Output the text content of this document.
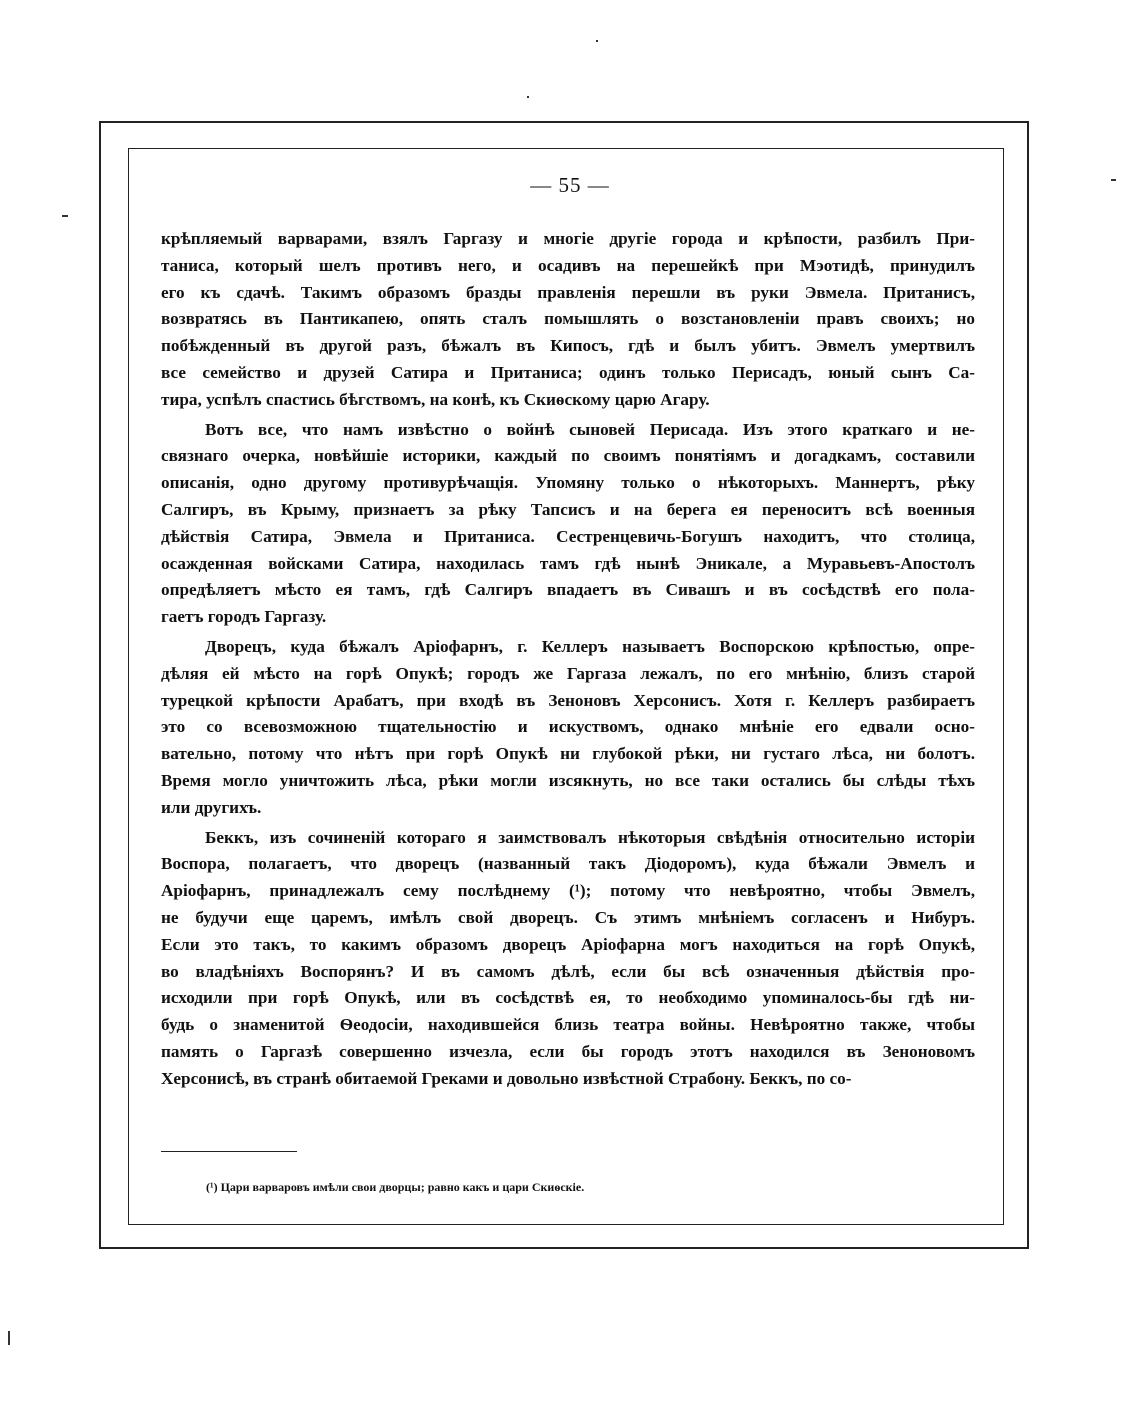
— 55 —
крѣпляемый варварами, взялъ Гаргазу и многіе другіе города и крѣпости, разбилъ При-
таниса, который шелъ противъ него, и осадивъ на перешейкѣ при Мэотидѣ, принудилъ
его къ сдачѣ. Такимъ образомъ бразды правленія перешли въ руки Эвмела. Пританисъ,
возвратясь въ Пантикапею, опять сталъ помышлять о возстановленіи правъ своихъ; но
побѣжденный въ другой разъ, бѣжалъ въ Кипосъ, гдѣ и былъ убитъ. Эвмелъ умертвилъ
все семейство и друзей Сатира и Пританиса; одинъ только Перисадъ, юный сынъ Са-
тира, успѣлъ спастись бѣгствомъ, на конѣ, къ Скиѳскому царю Агару.
Вотъ все, что намъ извѣстно о войнѣ сыновей Перисада. Изъ этого краткаго и не-
связнаго очерка, новѣйшіе историки, каждый по своимъ понятіямъ и догадкамъ, составили
описанія, одно другому противурѣчащія. Упомяну только о нѣкоторыхъ. Маннертъ, рѣку
Салгиръ, въ Крыму, признаетъ за рѣку Тапсисъ и на берега ея переноситъ всѣ военныя
дѣйствія Сатира, Эвмела и Пританиса. Сестренцевичь-Богушъ находитъ, что столица,
осажденная войсками Сатира, находилась тамъ гдѣ нынѣ Эникале, а Муравьевъ-Апостолъ
опредѣляетъ мѣсто ея тамъ, гдѣ Салгиръ впадаетъ въ Сивашъ и въ сосѣдствѣ его пола-
гаетъ городъ Гаргазу.
Дворецъ, куда бѣжалъ Аріофарнъ, г. Келлеръ называетъ Воспорскою крѣпостью, опре-
дѣляя ей мѣсто на горѣ Опукѣ; городъ же Гаргаза лежалъ, по его мнѣнію, близъ старой
турецкой крѣпости Арабатъ, при входѣ въ Зеноновъ Херсонисъ. Хотя г. Келлеръ разбираетъ
это со всевозможною тщательностію и искуствомъ, однако мнѣніе его едвали осно-
вательно, потому что нѣтъ при горѣ Опукѣ ни глубокой рѣки, ни густаго лѣса, ни болотъ.
Время могло уничтожить лѣса, рѣки могли изсякнуть, но все таки остались бы слѣды тѣхъ
или другихъ.
Беккъ, изъ сочиненій котораго я заимствовалъ нѣкоторыя свѣдѣнія относительно исторіи
Воспора, полагаетъ, что дворецъ (названный такъ Діодоромъ), куда бѣжали Эвмелъ и
Аріофарнъ, принадлежалъ сему послѣднему (¹); потому что невѣроятно, чтобы Эвмелъ,
не будучи еще царемъ, имѣлъ свой дворецъ. Съ этимъ мнѣніемъ согласенъ и Нибуръ.
Если это такъ, то какимъ образомъ дворецъ Аріофарна могъ находиться на горѣ Опукѣ,
во владѣніяхъ Воспорянъ? И въ самомъ дѣлѣ, если бы всѣ означенныя дѣйствія про-
исходили при горѣ Опукѣ, или въ сосѣдствѣ ея, то необходимо упоминалось-бы гдѣ ни-
будь о знаменитой Ѳеодосіи, находившейся близь театра войны. Невѣроятно также, чтобы
память о Гаргазѣ совершенно изчезла, если бы городъ этотъ находился въ Зеноновомъ
Херсонисѣ, въ странѣ обитаемой Греками и довольно извѣстной Страбону. Беккъ, по со-
(¹) Цари варваровъ имѣли свои дворцы; равно какъ и цари Скиѳскіе.
